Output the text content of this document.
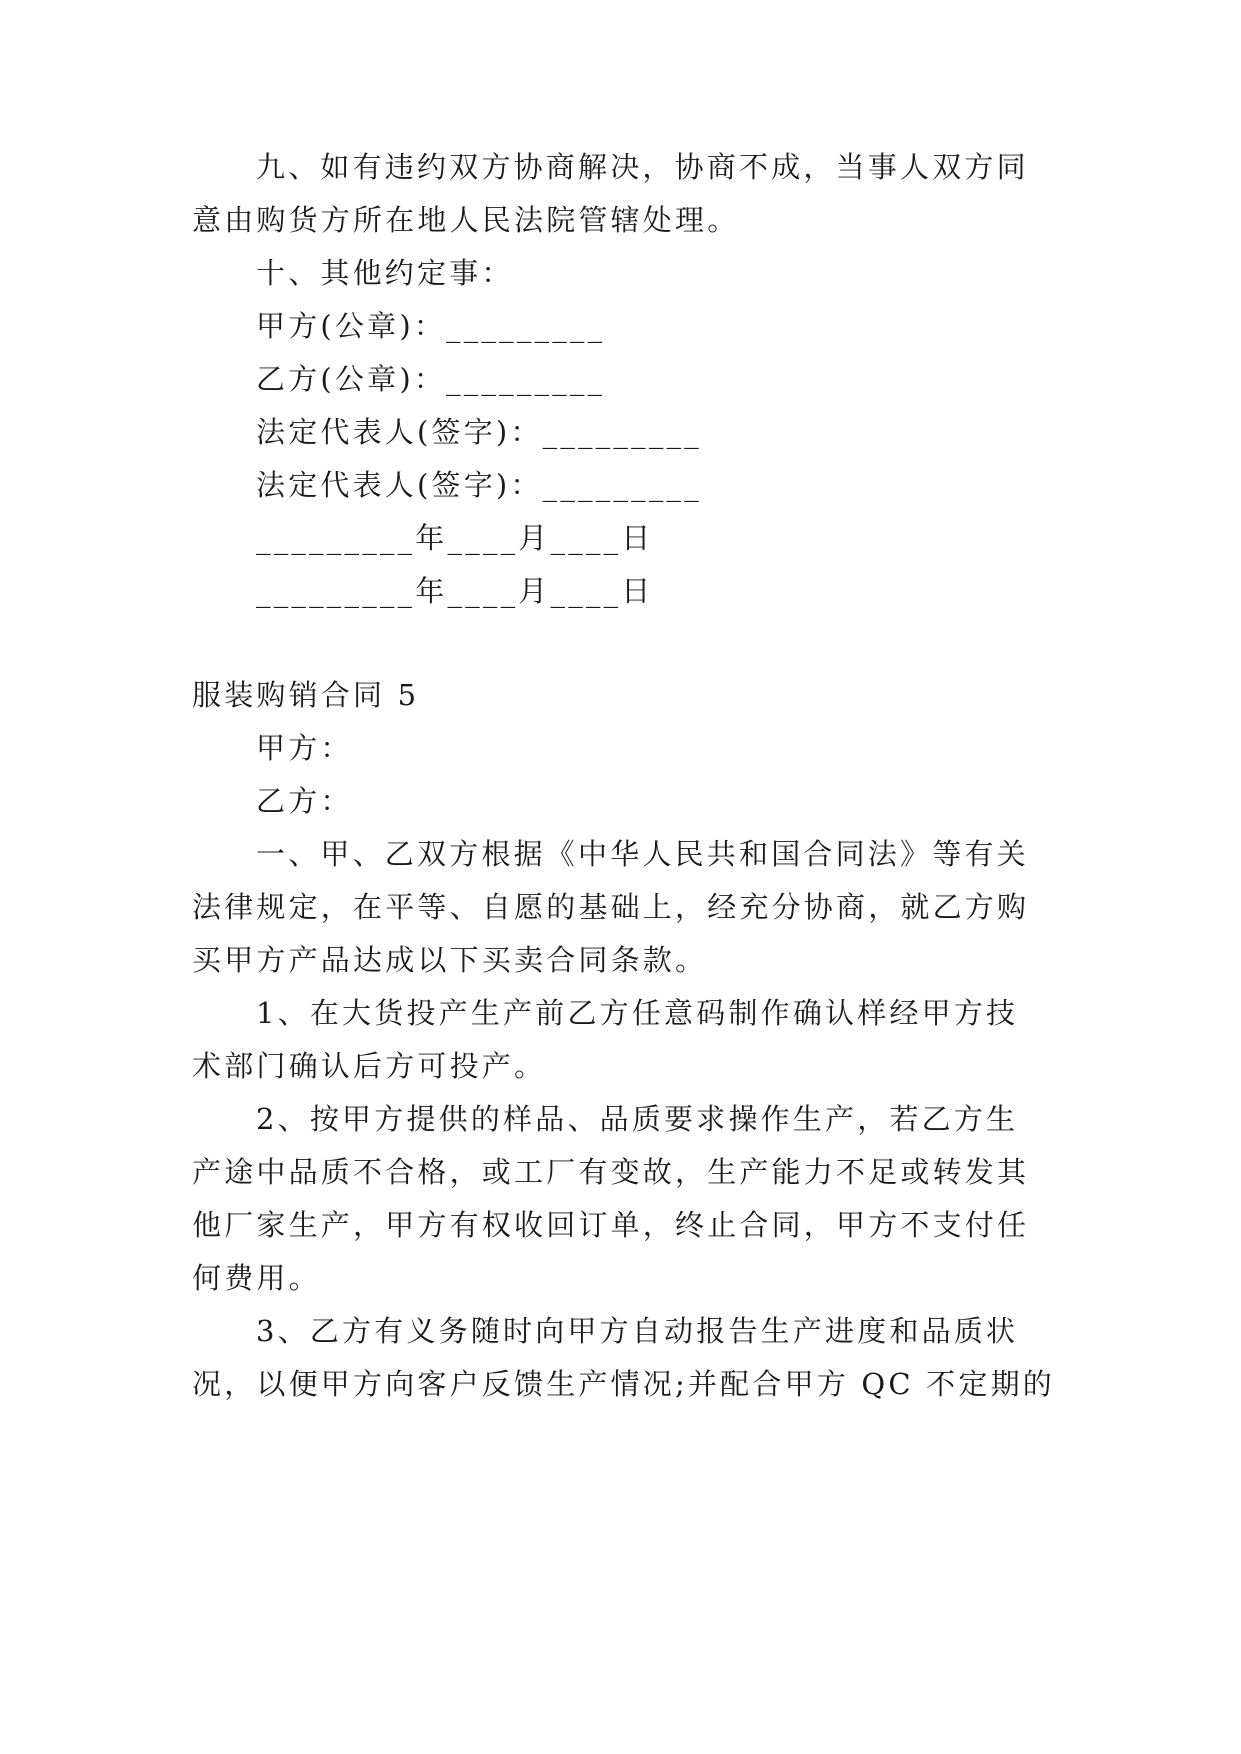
九、如有违约双方协商解决，协商不成，当事人双方同
意由购货方所在地人民法院管辖处理。
十、其他约定事：
甲方(公章)：_________
乙方(公章)：_________
法定代表人(签字)：_________
法定代表人(签字)：_________
_________年____月____日
_________年____月____日
服装购销合同 5
甲方：
乙方：
一、甲、乙双方根据《中华人民共和国合同法》等有关
法律规定，在平等、自愿的基础上，经充分协商，就乙方购
买甲方产品达成以下买卖合同条款。
1、在大货投产生产前乙方任意码制作确认样经甲方技
术部门确认后方可投产。
2、按甲方提供的样品、品质要求操作生产，若乙方生
产途中品质不合格，或工厂有变故，生产能力不足或转发其
他厂家生产，甲方有权收回订单，终止合同，甲方不支付任
何费用。
3、乙方有义务随时向甲方自动报告生产进度和品质状
况，以便甲方向客户反馈生产情况;并配合甲方 QC 不定期的
